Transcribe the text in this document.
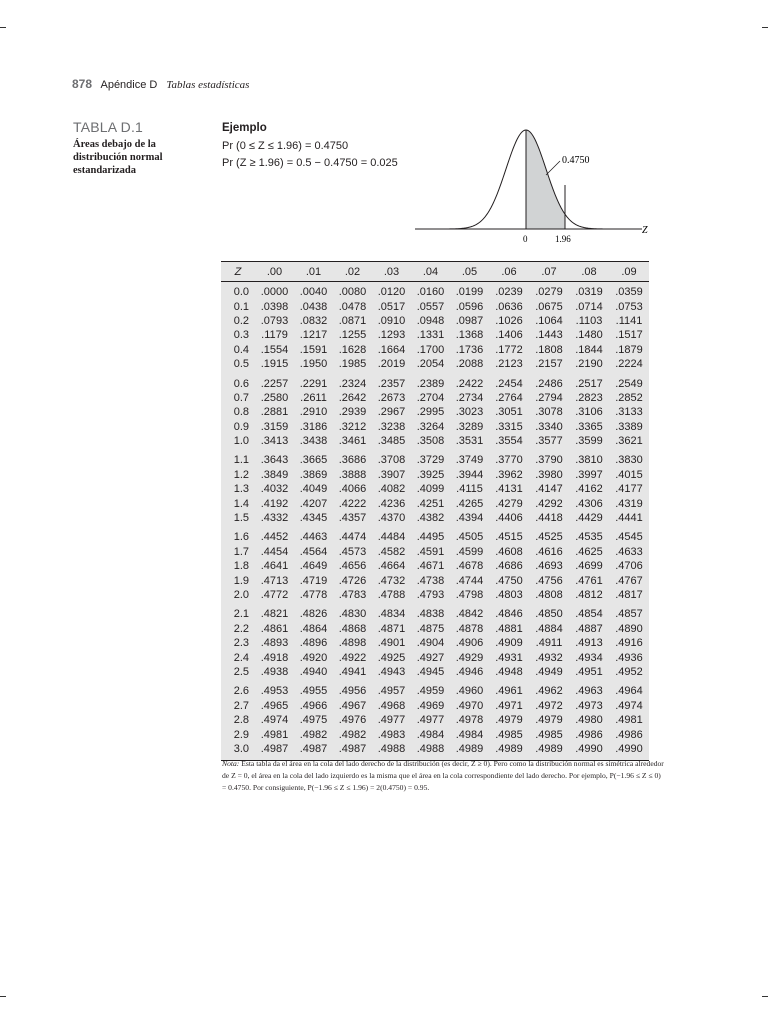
878 Apéndice D Tablas estadísticas
TABLA D.1
Áreas debajo de la distribución normal estandarizada
Ejemplo
Pr (0 ≤ Z ≤ 1.96) = 0.4750
Pr (Z ≥ 1.96) = 0.5 − 0.4750 = 0.025	0.4750
Z
0	1.96
Z	.00	.01	.02	.03	.04	.05	.06	.07	.08	.09
0.0	.0000	.0040	.0080	.0120	.0160	.0199	.0239	.0279	.0319	.0359
0.1	.0398	.0438	.0478	.0517	.0557	.0596	.0636	.0675	.0714	.0753
0.2	.0793	.0832	.0871	.0910	.0948	.0987	.1026	.1064	.1103	.1141
0.3	.1179	.1217	.1255	.1293	.1331	.1368	.1406	.1443	.1480	.1517
0.4	.1554	.1591	.1628	.1664	.1700	.1736	.1772	.1808	.1844	.1879
0.5	.1915	.1950	.1985	.2019	.2054	.2088	.2123	.2157	.2190	.2224
0.6	.2257	.2291	.2324	.2357	.2389	.2422	.2454	.2486	.2517	.2549
0.7	.2580	.2611	.2642	.2673	.2704	.2734	.2764	.2794	.2823	.2852
0.8	.2881	.2910	.2939	.2967	.2995	.3023	.3051	.3078	.3106	.3133
0.9	.3159	.3186	.3212	.3238	.3264	.3289	.3315	.3340	.3365	.3389
1.0	.3413	.3438	.3461	.3485	.3508	.3531	.3554	.3577	.3599	.3621
1.1	.3643	.3665	.3686	.3708	.3729	.3749	.3770	.3790	.3810	.3830
1.2	.3849	.3869	.3888	.3907	.3925	.3944	.3962	.3980	.3997	.4015
1.3	.4032	.4049	.4066	.4082	.4099	.4115	.4131	.4147	.4162	.4177
1.4	.4192	.4207	.4222	.4236	.4251	.4265	.4279	.4292	.4306	.4319
1.5	.4332	.4345	.4357	.4370	.4382	.4394	.4406	.4418	.4429	.4441
1.6	.4452	.4463	.4474	.4484	.4495	.4505	.4515	.4525	.4535	.4545
1.7	.4454	.4564	.4573	.4582	.4591	.4599	.4608	.4616	.4625	.4633
1.8	.4641	.4649	.4656	.4664	.4671	.4678	.4686	.4693	.4699	.4706
1.9	.4713	.4719	.4726	.4732	.4738	.4744	.4750	.4756	.4761	.4767
2.0	.4772	.4778	.4783	.4788	.4793	.4798	.4803	.4808	.4812	.4817
2.1	.4821	.4826	.4830	.4834	.4838	.4842	.4846	.4850	.4854	.4857
2.2	.4861	.4864	.4868	.4871	.4875	.4878	.4881	.4884	.4887	.4890
2.3	.4893	.4896	.4898	.4901	.4904	.4906	.4909	.4911	.4913	.4916
2.4	.4918	.4920	.4922	.4925	.4927	.4929	.4931	.4932	.4934	.4936
2.5	.4938	.4940	.4941	.4943	.4945	.4946	.4948	.4949	.4951	.4952
2.6	.4953	.4955	.4956	.4957	.4959	.4960	.4961	.4962	.4963	.4964
2.7	.4965	.4966	.4967	.4968	.4969	.4970	.4971	.4972	.4973	.4974
2.8	.4974	.4975	.4976	.4977	.4977	.4978	.4979	.4979	.4980	.4981
2.9	.4981	.4982	.4982	.4983	.4984	.4984	.4985	.4985	.4986	.4986
3.0	.4987	.4987	.4987	.4988	.4988	.4989	.4989	.4989	.4990	.4990

Nota: Esta tabla da el área en la cola del lado derecho de la distribución (es decir, Z ≥ 0). Pero como la distribución normal es simétrica alrededor de Z = 0, el área en la cola del lado izquierdo es la misma que el área en la cola correspondiente del lado derecho. Por ejemplo, P(−1.96 ≤ Z ≤ 0) = 0.4750. Por consiguiente, P(−1.96 ≤ Z ≤ 1.96) = 2(0.4750) = 0.95.
